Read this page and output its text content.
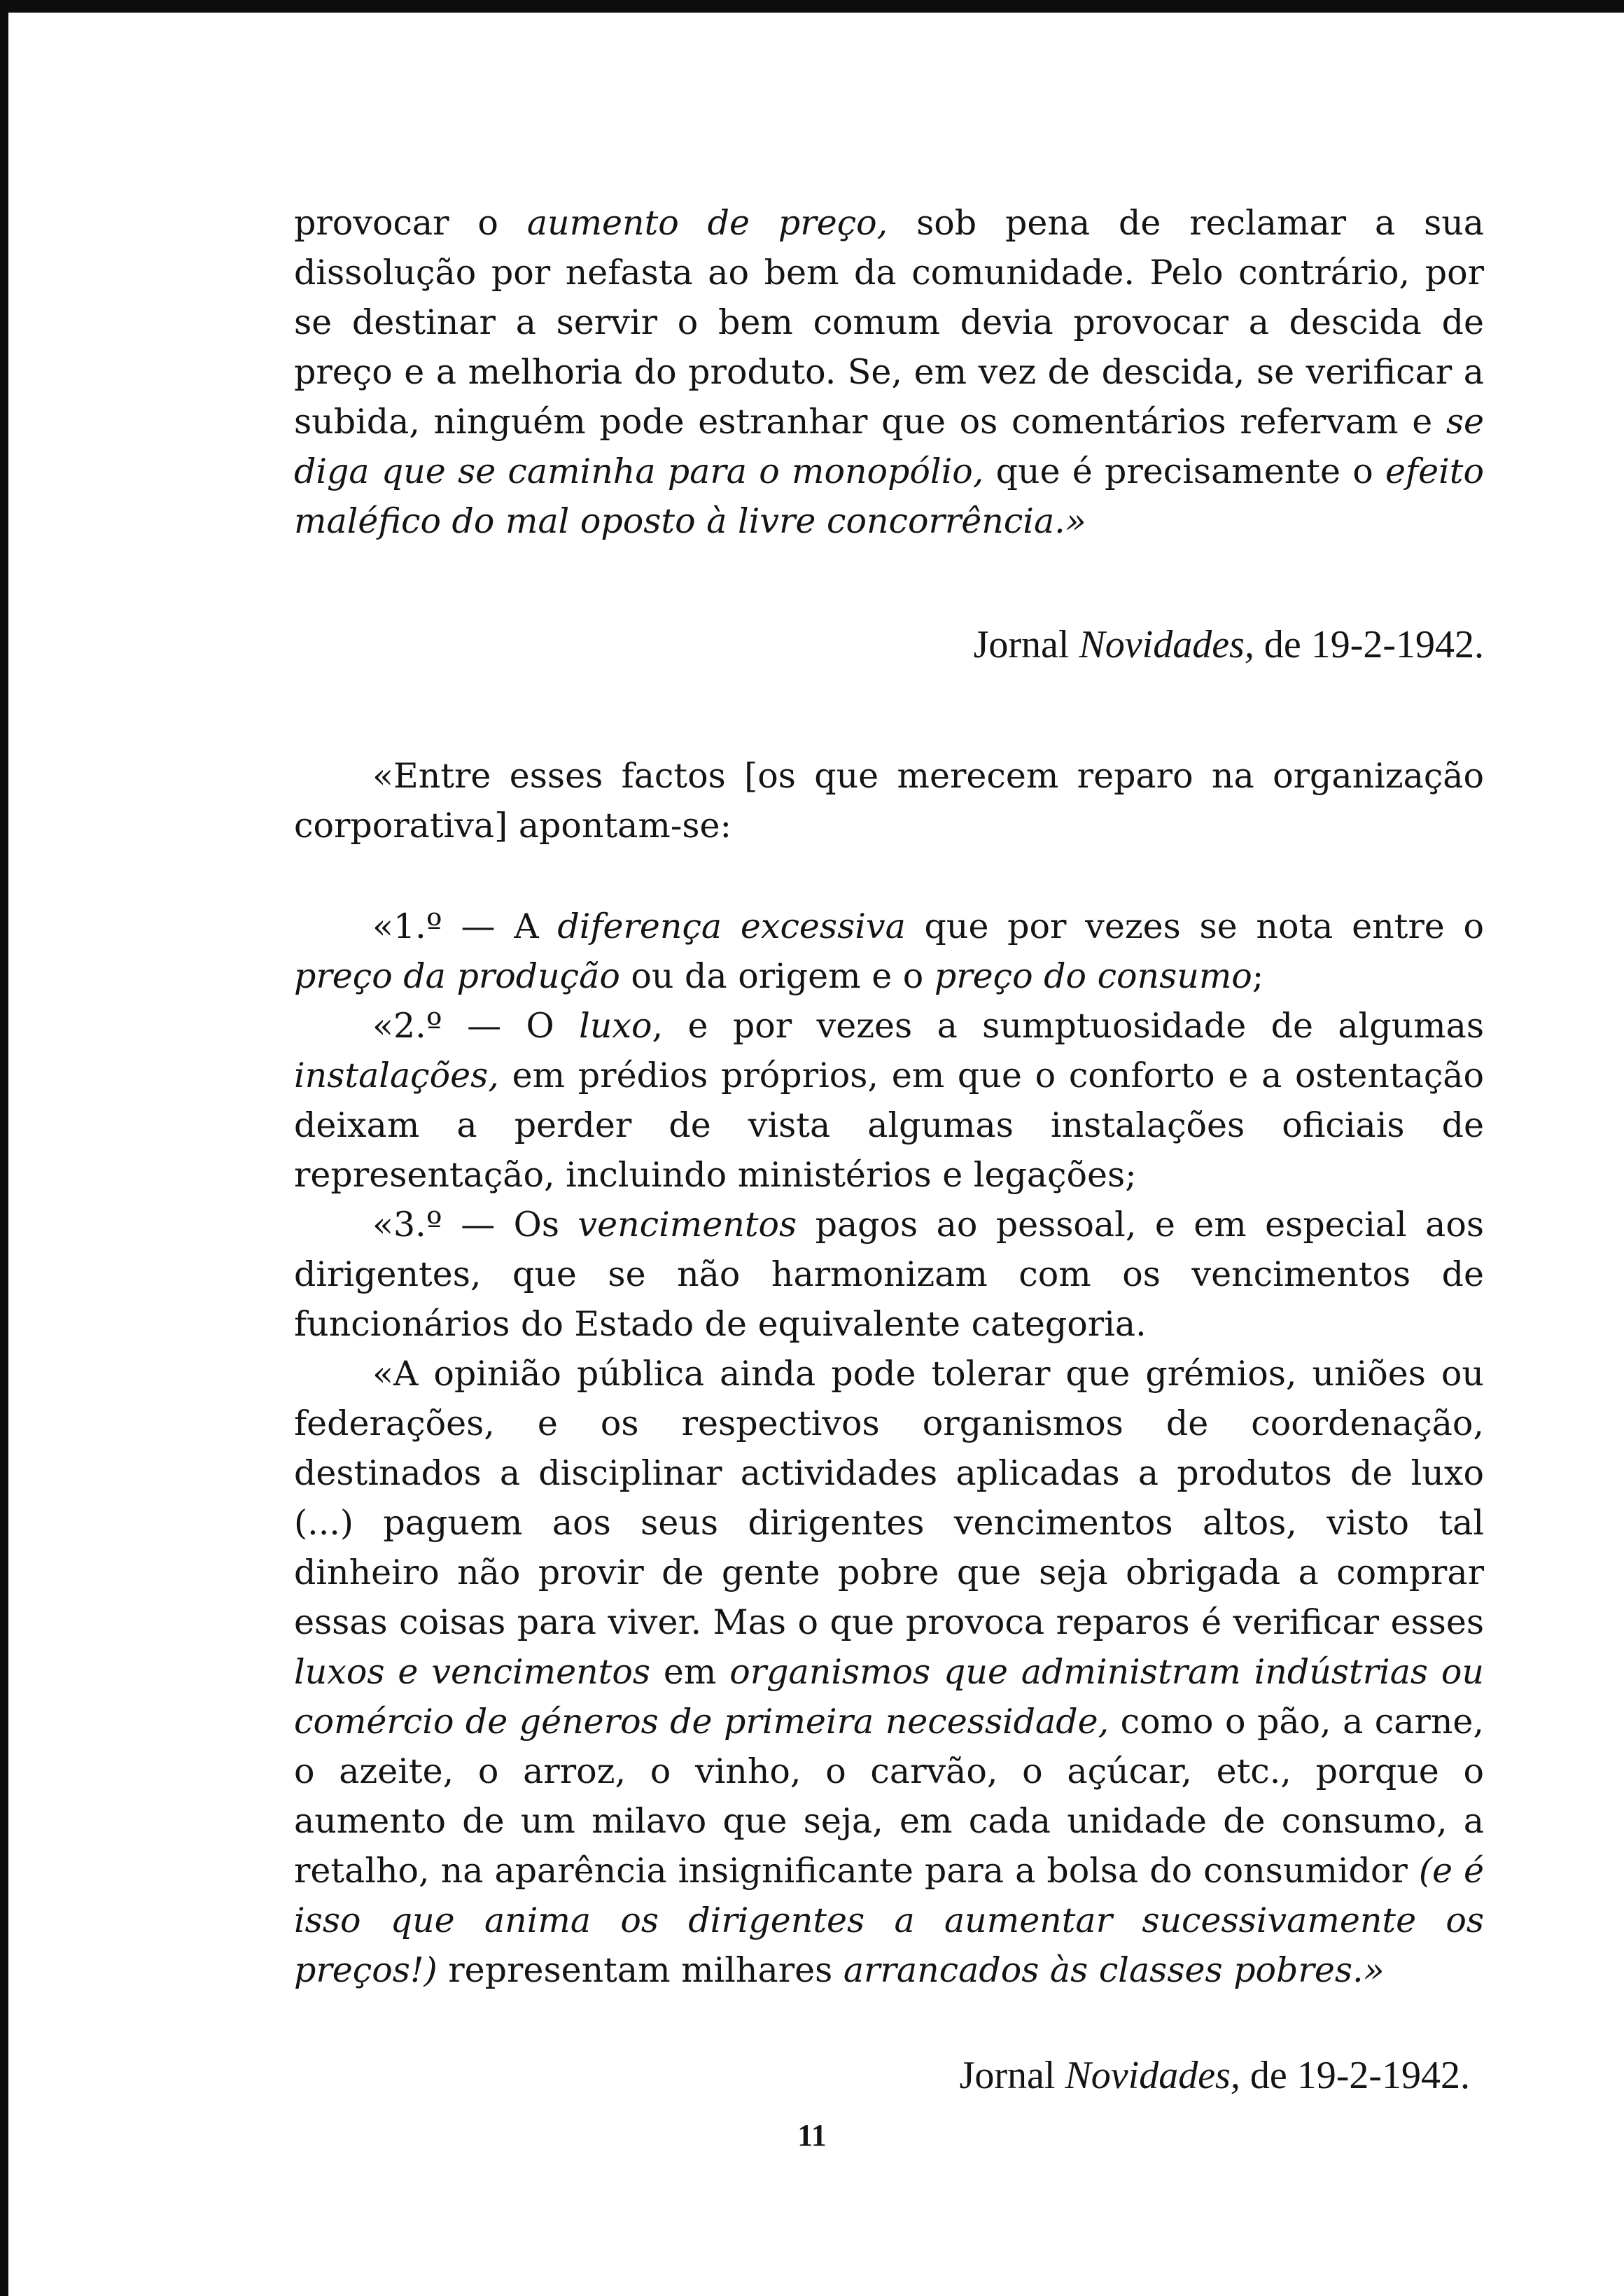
provocar o aumento de preço, sob pena de reclamar a sua dissolução por nefasta ao bem da comunidade. Pelo contrário, por se destinar a servir o bem comum devia provocar a descida de preço e a melhoria do produto. Se, em vez de descida, se verificar a subida, ninguém pode estranhar que os comentários refervam e se diga que se caminha para o monopólio, que é precisamente o efeito maléfico do mal oposto à livre concorrência.»

Jornal Novidades, de 19-2-1942.

«Entre esses factos [os que merecem reparo na organização corporativa] apontam-se:

«1.º — A diferença excessiva que por vezes se nota entre o preço da produção ou da origem e o preço do consumo;

«2.º — O luxo, e por vezes a sumptuosidade de algumas instalações, em prédios próprios, em que o conforto e a ostentação deixam a perder de vista algumas instalações oficiais de representação, incluindo ministérios e legações;

«3.º — Os vencimentos pagos ao pessoal, e em especial aos dirigentes, que se não harmonizam com os vencimentos de funcionários do Estado de equivalente categoria.

«A opinião pública ainda pode tolerar que grémios, uniões ou federações, e os respectivos organismos de coordenação, destinados a disciplinar actividades aplicadas a produtos de luxo (...) paguem aos seus dirigentes vencimentos altos, visto tal dinheiro não provir de gente pobre que seja obrigada a comprar essas coisas para viver. Mas o que provoca reparos é verificar esses luxos e vencimentos em organismos que administram indústrias ou comércio de géneros de primeira necessidade, como o pão, a carne, o azeite, o arroz, o vinho, o carvão, o açúcar, etc., porque o aumento de um milavo que seja, em cada unidade de consumo, a retalho, na aparência insignificante para a bolsa do consumidor (e é isso que anima os dirigentes a aumentar sucessivamente os preços!) representam milhares arrancados às classes pobres.»

Jornal Novidades, de 19-2-1942.
11
